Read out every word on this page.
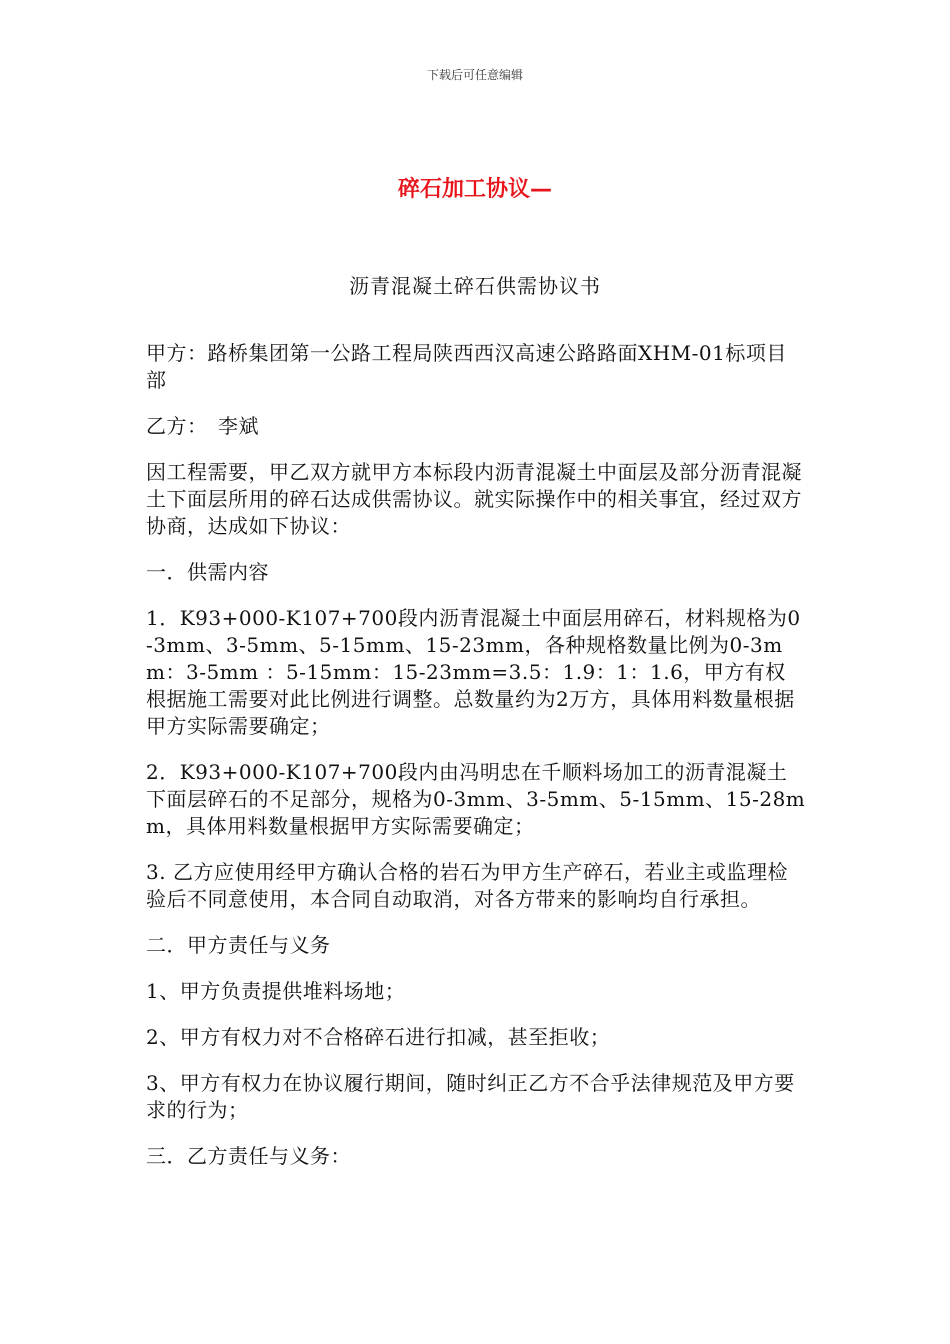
下载后可任意编辑
碎石加工协议—
沥青混凝土碎石供需协议书

甲方：路桥集团第一公路工程局陕西西汉高速公路路面XHM-01标项目部

乙方：　李斌

因工程需要，甲乙双方就甲方本标段内沥青混凝土中面层及部分沥青混凝土下面层所用的碎石达成供需协议。就实际操作中的相关事宜，经过双方协商，达成如下协议：

一．供需内容

1．K93+000-K107+700段内沥青混凝土中面层用碎石，材料规格为0-3mm、3-5mm、5-15mm、15-23mm，各种规格数量比例为0-3mm：3-5mm ：5-15mm：15-23mm=3.5：1.9：1：1.6，甲方有权根据施工需要对此比例进行调整。总数量约为2万方，具体用料数量根据甲方实际需要确定；

2．K93+000-K107+700段内由冯明忠在千顺料场加工的沥青混凝土下面层碎石的不足部分，规格为0-3mm、3-5mm、5-15mm、15-28mm，具体用料数量根据甲方实际需要确定；

3. 乙方应使用经甲方确认合格的岩石为甲方生产碎石，若业主或监理检验后不同意使用，本合同自动取消，对各方带来的影响均自行承担。

二．甲方责任与义务

1、甲方负责提供堆料场地；

2、甲方有权力对不合格碎石进行扣减，甚至拒收；

3、甲方有权力在协议履行期间，随时纠正乙方不合乎法律规范及甲方要求的行为；

三．乙方责任与义务：
